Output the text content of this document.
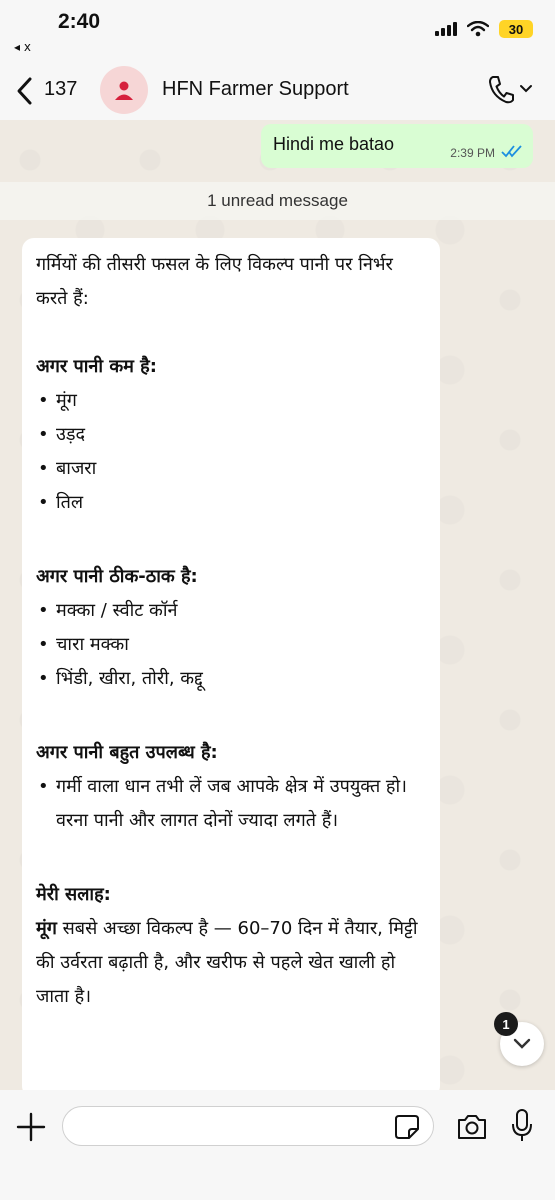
2:40
◂ x
30
137	HFN Farmer Support
Hindi me batao	2:39 PM
1 unread message

गर्मियों की तीसरी फसल के लिए विकल्प पानी पर निर्भर करते हैं:

अगर पानी कम है:

• मूंग
• उड़द
• बाजरा
• तिल

अगर पानी ठीक-ठाक है:

• मक्का / स्वीट कॉर्न
• चारा मक्का
• भिंडी, खीरा, तोरी, कद्दू

अगर पानी बहुत उपलब्ध है:

• गर्मी वाला धान तभी लें जब आपके क्षेत्र में उपयुक्त हो। वरना पानी और लागत दोनों ज्यादा लगते हैं।

मेरी सलाह:

मूंग सबसे अच्छा विकल्प है — 60–70 दिन में तैयार, मिट्टी की उर्वरता बढ़ाती है, और खरीफ से पहले खेत खाली हो जाता है।

1
